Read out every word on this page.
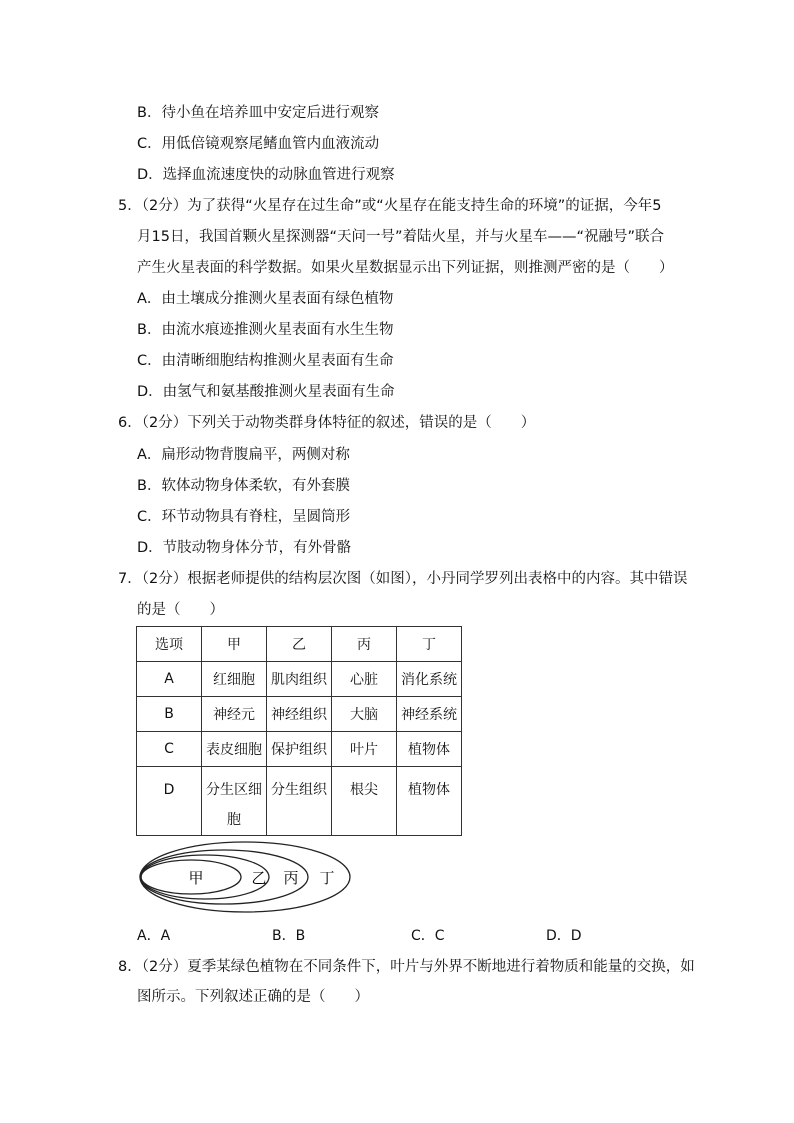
B．待小鱼在培养皿中安定后进行观察
C．用低倍镜观察尾鳍血管内血液流动
D．选择血流速度快的动脉血管进行观察
5．（2分）为了获得“火星存在过生命”或“火星存在能支持生命的环境”的证据，今年5
月15日，我国首颗火星探测器“天问一号”着陆火星，并与火星车——“祝融号”联合
产生火星表面的科学数据。如果火星数据显示出下列证据，则推测严密的是（　　）
A．由土壤成分推测火星表面有绿色植物
B．由流水痕迹推测火星表面有水生生物
C．由清晰细胞结构推测火星表面有生命
D．由氢气和氨基酸推测火星表面有生命
6．（2分）下列关于动物类群身体特征的叙述，错误的是（　　）
A．扁形动物背腹扁平，两侧对称
B．软体动物身体柔软，有外套膜
C．环节动物具有脊柱，呈圆筒形
D．节肢动物身体分节，有外骨骼
7．（2分）根据老师提供的结构层次图（如图），小丹同学罗列出表格中的内容。其中错误
的是（　　）
选项	甲	乙	丙	丁
A	红细胞	肌肉组织	心脏	消化系统
B	神经元	神经组织	大脑	神经系统
C	表皮细胞	保护组织	叶片	植物体
D	分生区细胞	分生组织	根尖	植物体
甲	乙 丙 丁
A．A	B．B	C．C	D．D
8．（2分）夏季某绿色植物在不同条件下，叶片与外界不断地进行着物质和能量的交换，如
图所示。下列叙述正确的是（　　）
